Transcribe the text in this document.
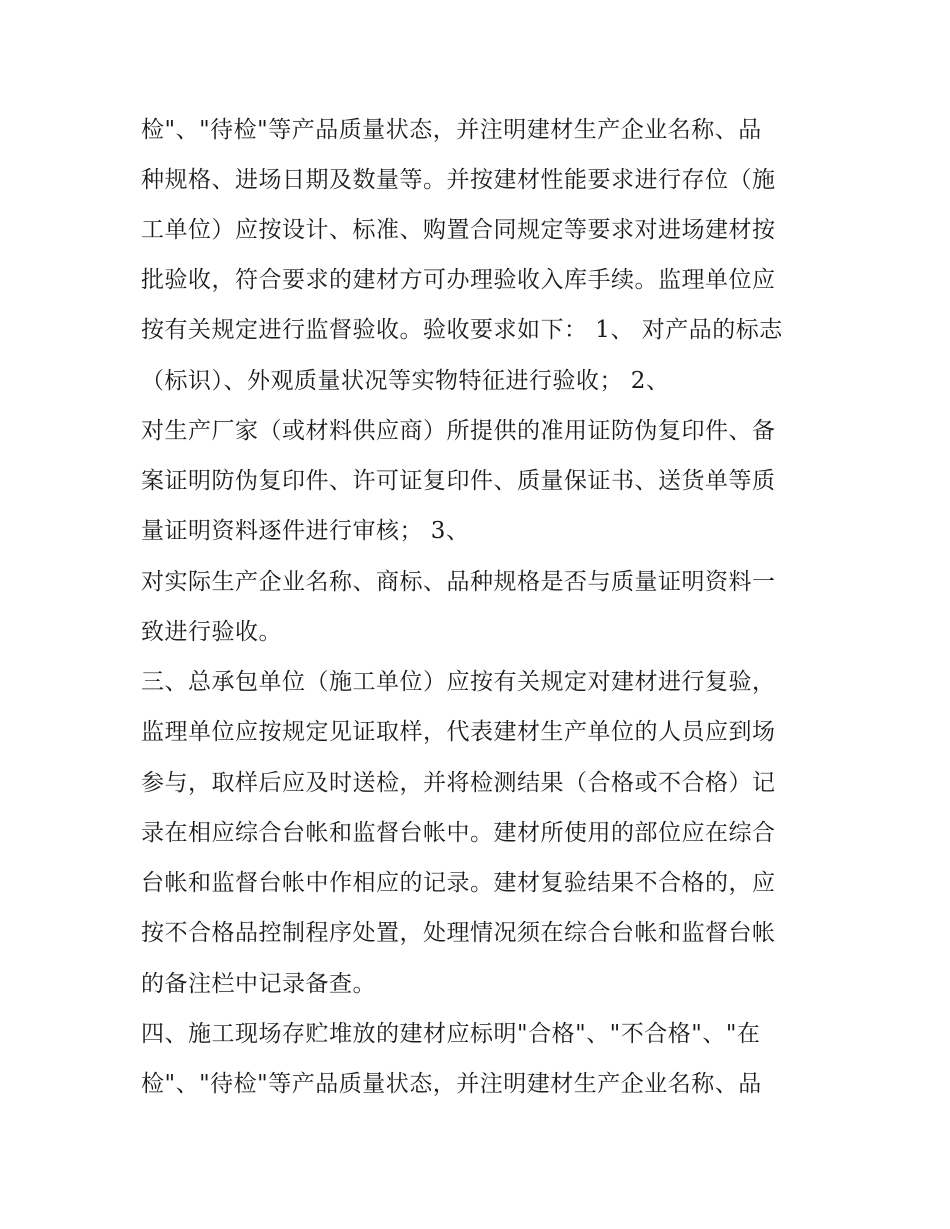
检"、"待检"等产品质量状态，并注明建材生产企业名称、品
种规格、进场日期及数量等。并按建材性能要求进行存位（施
工单位）应按设计、标准、购置合同规定等要求对进场建材按
批验收，符合要求的建材方可办理验收入库手续。监理单位应
按有关规定进行监督验收。验收要求如下： 1、 对产品的标志
（标识）、外观质量状况等实物特征进行验收； 2、
对生产厂家（或材料供应商）所提供的准用证防伪复印件、备
案证明防伪复印件、许可证复印件、质量保证书、送货单等质
量证明资料逐件进行审核； 3、
对实际生产企业名称、商标、品种规格是否与质量证明资料一
致进行验收。
三、总承包单位（施工单位）应按有关规定对建材进行复验，
监理单位应按规定见证取样，代表建材生产单位的人员应到场
参与，取样后应及时送检，并将检测结果（合格或不合格）记
录在相应综合台帐和监督台帐中。建材所使用的部位应在综合
台帐和监督台帐中作相应的记录。建材复验结果不合格的，应
按不合格品控制程序处置，处理情况须在综合台帐和监督台帐
的备注栏中记录备查。
四、施工现场存贮堆放的建材应标明"合格"、"不合格"、"在
检"、"待检"等产品质量状态，并注明建材生产企业名称、品
